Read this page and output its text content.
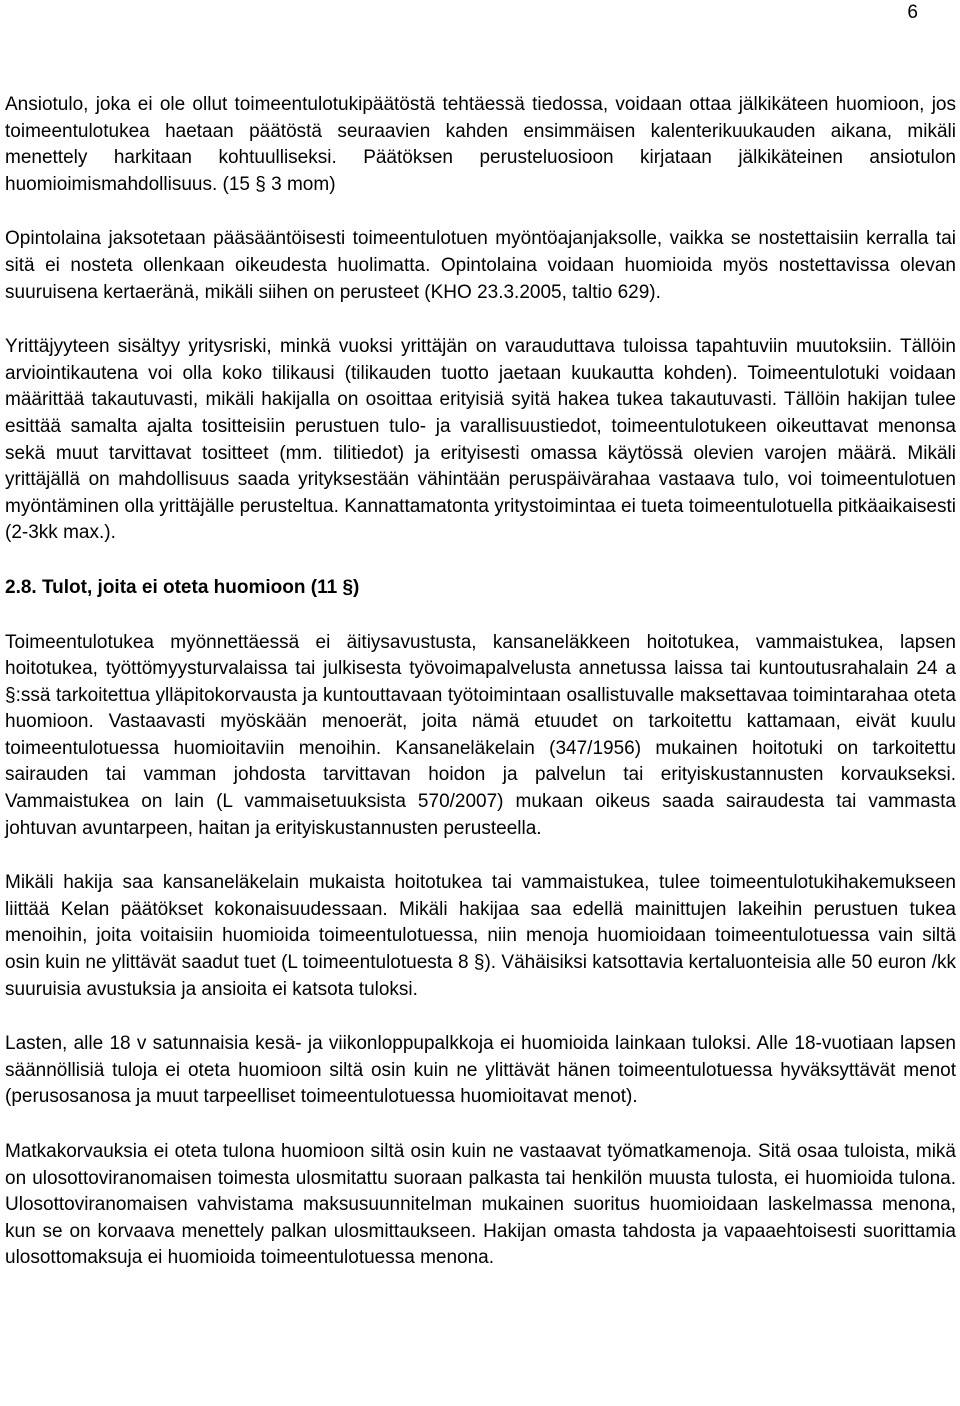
6

Ansiotulo, joka ei ole ollut toimeentulotukipäätöstä tehtäessä tiedossa, voidaan ottaa jälkikäteen huomioon, jos toimeentulotukea haetaan päätöstä seuraavien kahden ensimmäisen kalenterikuukauden aikana, mikäli menettely harkitaan kohtuulliseksi. Päätöksen perusteluosioon kirjataan jälkikäteinen ansiotulon huomioimismahdollisuus. (15 § 3 mom)

Opintolaina jaksotetaan pääsääntöisesti toimeentulotuen myöntöajanjaksolle, vaikka se nostettaisiin kerralla tai sitä ei nosteta ollenkaan oikeudesta huolimatta. Opintolaina voidaan huomioida myös nostettavissa olevan suuruisena kertaeränä, mikäli siihen on perusteet (KHO 23.3.2005, taltio 629).

Yrittäjyyteen sisältyy yritysriski, minkä vuoksi yrittäjän on varauduttava tuloissa tapahtuviin muutoksiin. Tällöin arviointikautena voi olla koko tilikausi (tilikauden tuotto jaetaan kuukautta kohden). Toimeentulotuki voidaan määrittää takautuvasti, mikäli hakijalla on osoittaa erityisiä syitä hakea tukea takautuvasti. Tällöin hakijan tulee esittää samalta ajalta tositteisiin perustuen tulo- ja varallisuustiedot, toimeentulotukeen oikeuttavat menonsa sekä muut tarvittavat tositteet (mm. tilitiedot) ja erityisesti omassa käytössä olevien varojen määrä. Mikäli yrittäjällä on mahdollisuus saada yrityksestään vähintään peruspäivärahaa vastaava tulo, voi toimeentulotuen myöntäminen olla yrittäjälle perusteltua. Kannattamatonta yritystoimintaa ei tueta toimeentulotuella pitkäaikaisesti (2-3kk max.).

2.8. Tulot, joita ei oteta huomioon (11 §)

Toimeentulotukea myönnettäessä ei äitiysavustusta, kansaneläkkeen hoitotukea, vammaistukea, lapsen hoitotukea, työttömyysturvalaissa tai julkisesta työvoimapalvelusta annetussa laissa tai kuntoutusrahalain 24 a §:ssä tarkoitettua ylläpitokorvausta ja kuntouttavaan työtoimintaan osallistuvalle maksettavaa toimintarahaa oteta huomioon. Vastaavasti myöskään menoerät, joita nämä etuudet on tarkoitettu kattamaan, eivät kuulu toimeentulotuessa huomioitaviin menoihin. Kansaneläkelain (347/1956) mukainen hoitotuki on tarkoitettu sairauden tai vamman johdosta tarvittavan hoidon ja palvelun tai erityiskustannusten korvaukseksi. Vammaistukea on lain (L vammaisetuuksista 570/2007) mukaan oikeus saada sairaudesta tai vammasta johtuvan avuntarpeen, haitan ja erityiskustannusten perusteella.

Mikäli hakija saa kansaneläkelain mukaista hoitotukea tai vammaistukea, tulee toimeentulotukihakemukseen liittää Kelan päätökset kokonaisuudessaan. Mikäli hakijaa saa edellä mainittujen lakeihin perustuen tukea menoihin, joita voitaisiin huomioida toimeentulotuessa, niin menoja huomioidaan toimeentulotuessa vain siltä osin kuin ne ylittävät saadut tuet (L toimeentulotuesta 8 §). Vähäisiksi katsottavia kertaluonteisia alle 50 euron /kk suuruisia avustuksia ja ansioita ei katsota tuloksi.

Lasten, alle 18 v satunnaisia kesä- ja viikonloppupalkkoja ei huomioida lainkaan tuloksi. Alle 18-vuotiaan lapsen säännöllisiä tuloja ei oteta huomioon siltä osin kuin ne ylittävät hänen toimeentulotuessa hyväksyttävät menot (perusosanosa ja muut tarpeelliset toimeentulotuessa huomioitavat menot).

Matkakorvauksia ei oteta tulona huomioon siltä osin kuin ne vastaavat työmatkamenoja. Sitä osaa tuloista, mikä on ulosottoviranomaisen toimesta ulosmitattu suoraan palkasta tai henkilön muusta tulosta, ei huomioida tulona. Ulosottoviranomaisen vahvistama maksusuunnitelman mukainen suoritus huomioidaan laskelmassa menona, kun se on korvaava menettely palkan ulosmittaukseen. Hakijan omasta tahdosta ja vapaaehtoisesti suorittamia ulosottomaksuja ei huomioida toimeentulotuessa menona.
